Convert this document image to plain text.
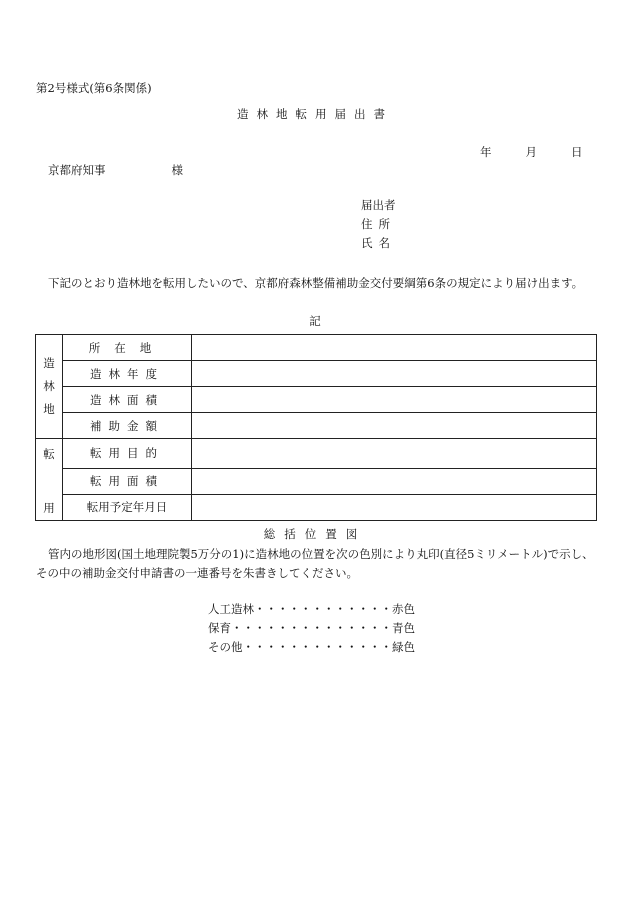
第2号様式(第6条関係)
造林地転用届出書
年	月	日
京都府知事	様
届出者
住所
氏名
下記のとおり造林地を転用したいので、京都府森林整備補助金交付要綱第6条の規定により届け出ます。
記
造
林
地	所在地	
	造林年度	
	造林面積	
	補助金額	
転	転用目的	
	転用面積	
用	転用予定年月日	
総括位置図
管内の地形図(国土地理院製5万分の1)に造林地の位置を次の色別により丸印(直径5ミリメートル)で示し、
その中の補助金交付申請書の一連番号を朱書きしてください。
人工造林・・・・・・・・・・・・赤色
保育・・・・・・・・・・・・・・青色
その他・・・・・・・・・・・・・緑色
